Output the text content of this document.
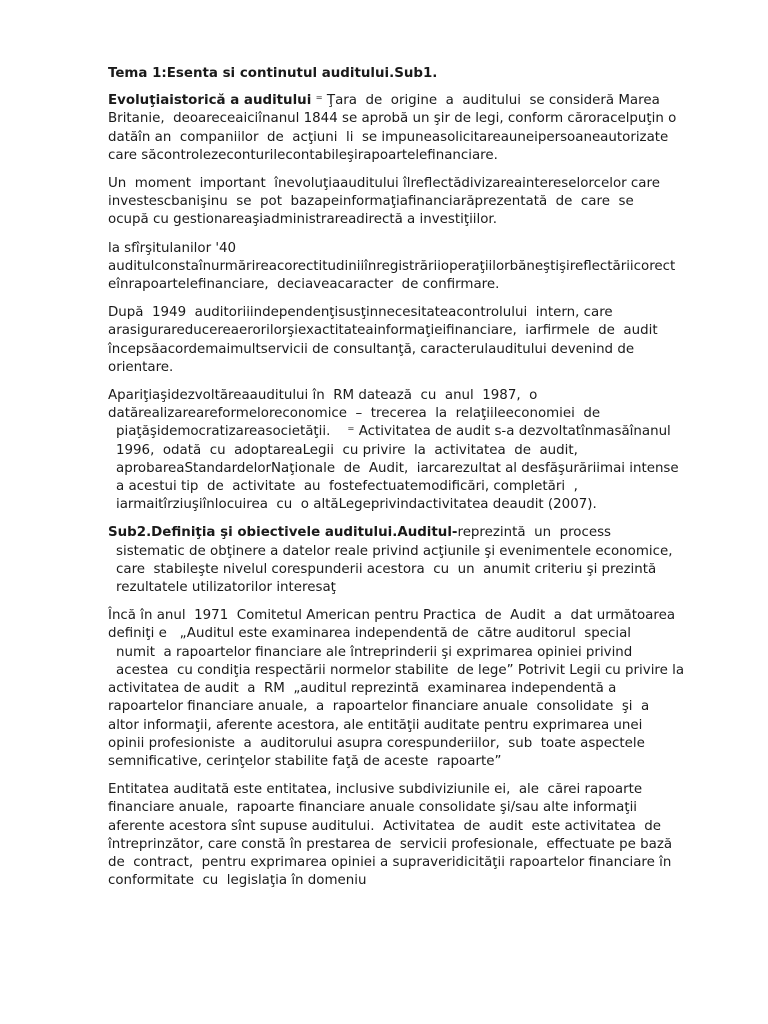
Tema 1:Esenta si continutul auditului.Sub1.
Evoluţiaistorică a auditului ⁼ Ţara  de  origine  a  auditului  se consideră Marea
Britanie,  deoareceaiciînanul 1844 se aprobă un şir de legi, conform căroracelpuţin o
datăîn an  companiilor  de  acţiuni  li  se impuneasolicitareauneipersoaneautorizate
care săcontrolezeconturilecontabileşirapoartelefinanciare.
Un  moment  important  înevoluţiaauditului îlreflectădivizareaintereselorcelor care
investescbanişinu  se  pot  bazapeinformaţiafinanciarăprezentată  de  care  se
ocupă cu gestionareaşiadministrareadirectă a investiţiilor.
la sfîrşitulanilor '40
auditulconstaînurmărireacorectitudiniiînregistrăriioperaţiilorbăneştişireflectăriicorect
eînrapoartelefinanciare,  deciaveacaracter  de confirmare.
După  1949  auditoriiindependenţisusţinnecesitateacontrolului  intern, care
arasigurareducereaerorilorşiexactitateainformaţieifinanciare,  iarfirmele  de  audit
începsăacordemaimultservicii de consultanţă, caracterulauditului devenind de
orientare.
Apariţiaşidezvoltăreaauditului în  RM datează  cu  anul  1987,  o
datărealizareareformeloreconomice  –  trecerea  la  relaţiileeconomiei  de
piaţăşidemocratizareasocietăţii.    ⁼ Activitatea de audit s-a dezvoltatînmasăînanul
1996,  odată  cu  adoptareaLegii  cu privire  la  activitatea  de  audit,
aprobareaStandardelorNaţionale  de  Audit,  iarcarezultat al desfăşurăriimai intense
a acestui tip  de  activitate  au  fostefectuatemodificări, completări  ,
iarmaitîrziuşiînlocuirea  cu  o altăLegeprivindactivitatea deaudit (2007).
Sub2.Definiţia şi obiectivele auditului.Auditul-reprezintă  un  process
sistematic de obţinere a datelor reale privind acţiunile şi evenimentele economice,
care  stabileşte nivelul corespunderii acestora  cu  un  anumit criteriu şi prezintă
rezultatele utilizatorilor interesaţ
Încă în anul  1971  Comitetul American pentru Practica  de  Audit  a  dat următoarea
definiţi e   „Auditul este examinarea independentă de  către auditorul  special
numit  a rapoartelor financiare ale întreprinderii şi exprimarea opiniei privind
acestea  cu condiţia respectării normelor stabilite  de lege” Potrivit Legii cu privire la
activitatea de audit  a  RM  „auditul reprezintă  examinarea independentă a
rapoartelor financiare anuale,  a  rapoartelor financiare anuale  consolidate  şi  a
altor informaţii, aferente acestora, ale entităţii auditate pentru exprimarea unei
opinii profesioniste  a  auditorului asupra corespunderiilor,  sub  toate aspectele
semnificative, cerinţelor stabilite faţă de aceste  rapoarte”
Entitatea auditată este entitatea, inclusive subdiviziunile ei,  ale  cărei rapoarte
financiare anuale,  rapoarte financiare anuale consolidate şi/sau alte informaţii
aferente acestora sînt supuse auditului.  Activitatea  de  audit  este activitatea  de
întreprinzător, care constă în prestarea de  servicii profesionale,  effectuate pe bază
de  contract,  pentru exprimarea opiniei a supraveridicităţii rapoartelor financiare în
conformitate  cu  legislaţia în domeniu
